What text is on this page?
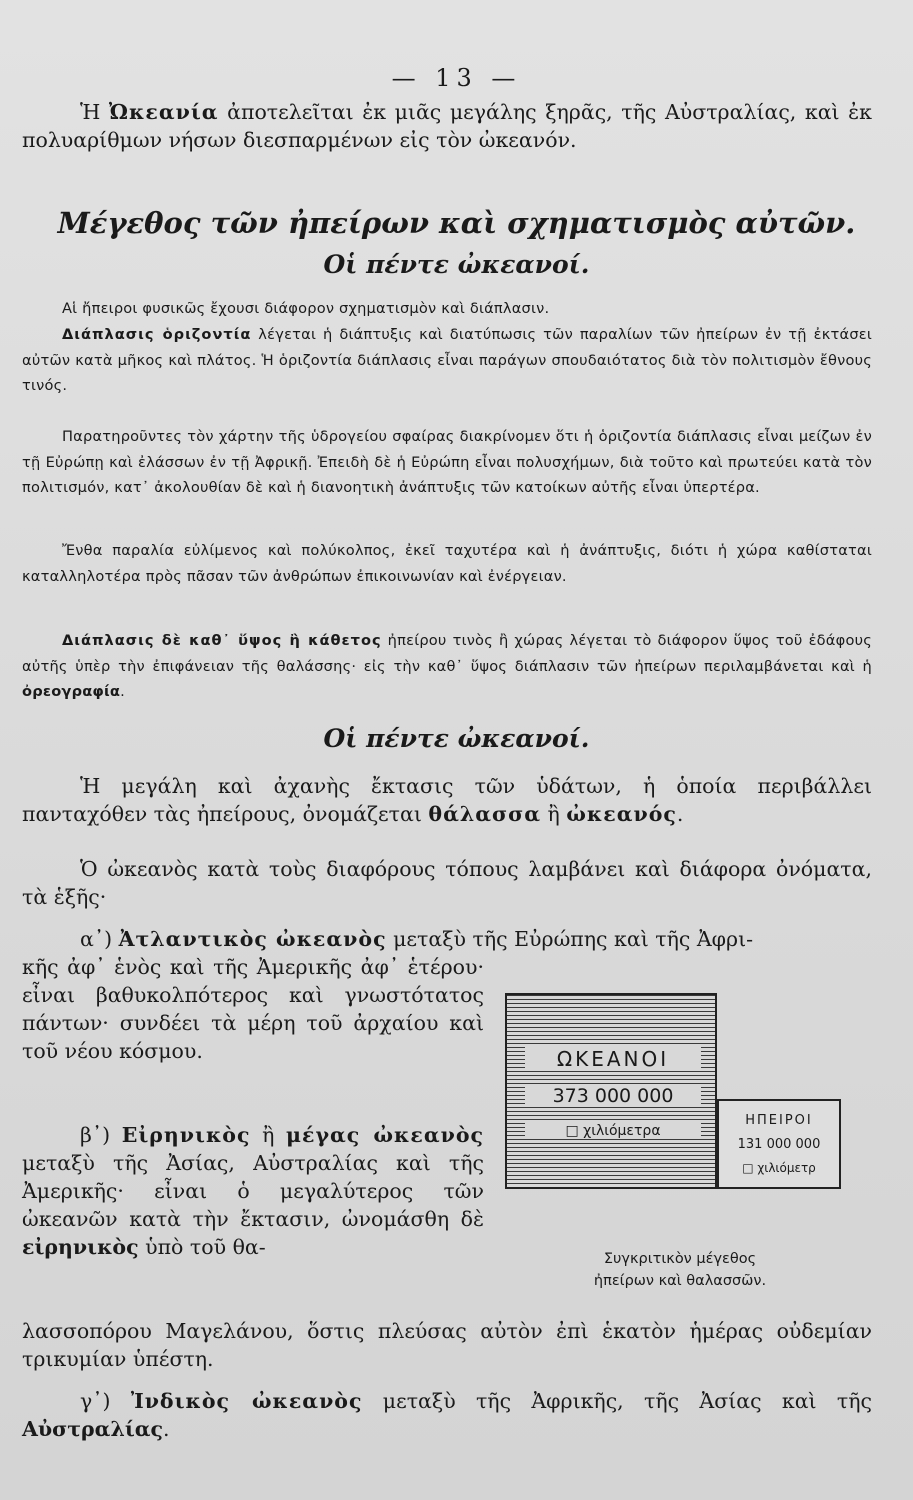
— 13 —

Ἡ Ὠκεανία ἀποτελεῖται ἐκ μιᾶς μεγάλης ξηρᾶς, τῆς Αὐστραλίας, καὶ ἐκ πολυαρίθμων νήσων διεσπαρμένων εἰς τὸν ὠκεανόν.

Μέγεθος τῶν ἠπείρων καὶ σχηματισμὸς αὐτῶν.
Οἱ πέντε ὠκεανοί.

Αἱ ἤπειροι φυσικῶς ἔχουσι διάφορον σχηματισμὸν καὶ διάπλασιν.

Διάπλασις ὁριζοντία λέγεται ἡ διάπτυξις καὶ διατύπωσις τῶν παραλίων τῶν ἠπείρων ἐν τῇ ἐκτάσει αὐτῶν κατὰ μῆκος καὶ πλάτος. Ἡ ὁριζοντία διάπλασις εἶναι παράγων σπουδαιότατος διὰ τὸν πολιτισμὸν ἔθνους τινός.

Παρατηροῦντες τὸν χάρτην τῆς ὑδρογείου σφαίρας διακρίνομεν ὅτι ἡ ὁριζοντία διάπλασις εἶναι μείζων ἐν τῇ Εὐρώπῃ καὶ ἐλάσσων ἐν τῇ Ἀφρικῇ. Ἐπειδὴ δὲ ἡ Εὐρώπη εἶναι πολυσχήμων, διὰ τοῦτο καὶ πρωτεύει κατὰ τὸν πολιτισμόν, κατ᾽ ἀκολουθίαν δὲ καὶ ἡ διανοητικὴ ἀνάπτυξις τῶν κατοίκων αὐτῆς εἶναι ὑπερτέρα.

Ἔνθα παραλία εὐλίμενος καὶ πολύκολπος, ἐκεῖ ταχυτέρα καὶ ἡ ἀνάπτυξις, διότι ἡ χώρα καθίσταται καταλληλοτέρα πρὸς πᾶσαν τῶν ἀνθρώπων ἐπικοινωνίαν καὶ ἐνέργειαν.

Διάπλασις δὲ καθ᾽ ὕψος ἢ κάθετος ἠπείρου τινὸς ἢ χώρας λέγεται τὸ διάφορον ὕψος τοῦ ἐδάφους αὐτῆς ὑπὲρ τὴν ἐπιφάνειαν τῆς θαλάσσης· εἰς τὴν καθ᾽ ὕψος διάπλασιν τῶν ἠπείρων περιλαμβάνεται καὶ ἡ ὀρεογραφία.

Οἱ πέντε ὠκεανοί.

Ἡ μεγάλη καὶ ἀχανὴς ἔκτασις τῶν ὑδάτων, ἡ ὁποία περιβάλλει πανταχόθεν τὰς ἠπείρους, ὀνομάζεται θάλασσα ἢ ὠκεανός.

Ὁ ὠκεανὸς κατὰ τοὺς διαφόρους τόπους λαμβάνει καὶ διάφορα ὀνόματα, τὰ ἑξῆς·

α᾽) Ἀτλαντικὸς ὠκεανὸς μεταξὺ τῆς Εὐρώπης καὶ τῆς Ἀφρι-

κῆς ἀφ᾽ ἑνὸς καὶ τῆς Ἀμερικῆς ἀφ᾽ ἑτέρου· εἶναι βαθυκολπότερος καὶ γνωστότατος πάντων· συνδέει τὰ μέρη τοῦ ἀρχαίου καὶ τοῦ νέου κόσμου.

β᾽) Εἰρηνικὸς ἢ μέγας ὠκεανὸς μεταξὺ τῆς Ἀσίας, Αὐστραλίας καὶ τῆς Ἀμερικῆς· εἶναι ὁ μεγαλύτερος τῶν ὠκεανῶν κατὰ τὴν ἔκτασιν, ὠνομάσθη δὲ εἰρηνικὸς ὑπὸ τοῦ θα-

λασσοπόρου Μαγελάνου, ὅστις πλεύσας αὐτὸν ἐπὶ ἑκατὸν ἡμέρας οὐδεμίαν τρικυμίαν ὑπέστη.

γ᾽) Ἰνδικὸς ὠκεανὸς μεταξὺ τῆς Ἀφρικῆς, τῆς Ἀσίας καὶ τῆς Αὐστραλίας.

ΩΚΕΑΝΟΙ
373 000 000
□ χιλιόμετρα
ΗΠΕΙΡΟΙ
131 000 000
□ χιλιόμετρ
Συγκριτικὸν μέγεθος
ἠπείρων καὶ θαλασσῶν.
